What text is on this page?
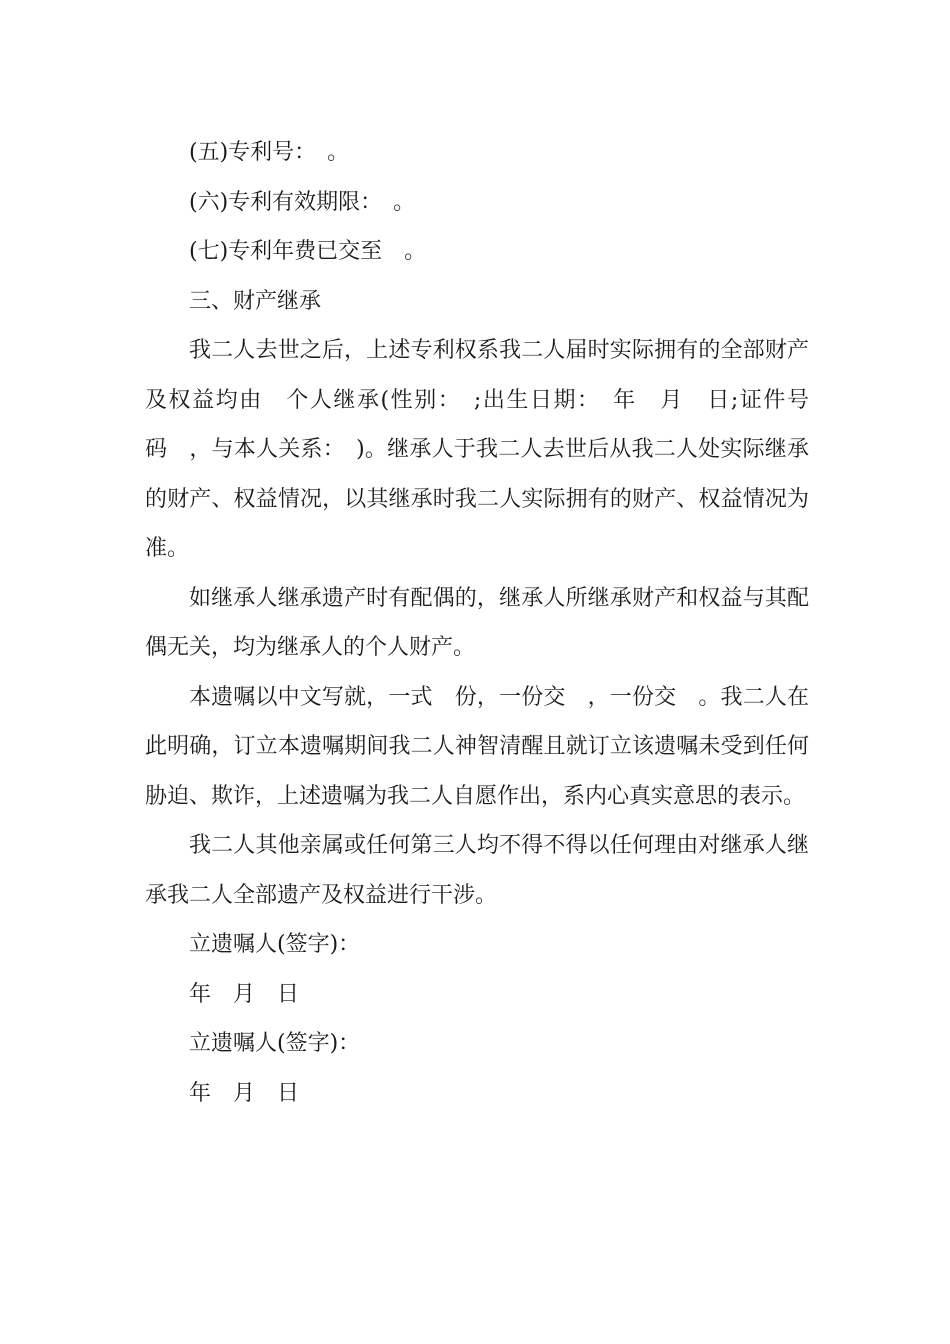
(五)专利号：　。

(六)专利有效期限：　。

(七)专利年费已交至　。

三、财产继承

我二人去世之后，上述专利权系我二人届时实际拥有的全部财产及权益均由　个人继承(性别：　;出生日期：　年　月　日;证件号码　，与本人关系：　)。继承人于我二人去世后从我二人处实际继承的财产、权益情况，以其继承时我二人实际拥有的财产、权益情况为准。

如继承人继承遗产时有配偶的，继承人所继承财产和权益与其配偶无关，均为继承人的个人财产。

本遗嘱以中文写就，一式　份，一份交　，一份交　。我二人在此明确，订立本遗嘱期间我二人神智清醒且就订立该遗嘱未受到任何胁迫、欺诈，上述遗嘱为我二人自愿作出，系内心真实意思的表示。

我二人其他亲属或任何第三人均不得不得以任何理由对继承人继承我二人全部遗产及权益进行干涉。

立遗嘱人(签字)：

年　月　日

立遗嘱人(签字)：

年　月　日
